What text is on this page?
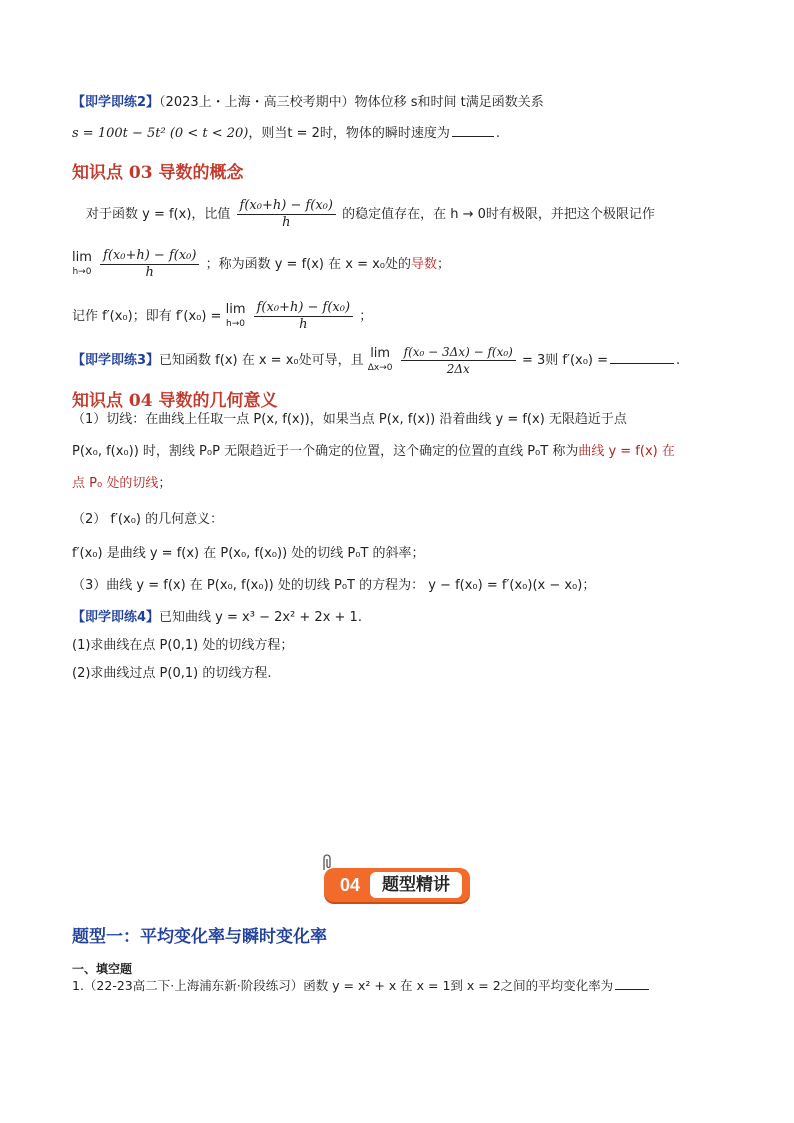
【即学即练2】（2023上・上海・高三校考期中）物体位移 s和时间 t满足函数关系
s = 100t − 5t² (0 < t < 20)，则当t = 2时，物体的瞬时速度为	.
知识点 03 导数的概念
对于函数 y = f(x)，比值 $\frac{\text{f(x₀+h) − f(x₀)}}{h}$ 的稳定值存在，在 h → 0时有极限，并把这个极限记作
lim
h→0
$\frac{\text{f(x₀+h) − f(x₀)}}{h}$ ；称为函数 y = f(x) 在 x = x₀处的导数；
记作 f′(x₀)；即有 f′(x₀) = lim
h→0
$\frac{\text{f(x₀+h) − f(x₀)}}{h}$ ；
【即学即练3】已知函数 f(x) 在 x = x₀处可导，且 lim
Δx→0
$\frac{\text{f(x₀ − 3Δx) − f(x₀)}}{2\Delta x} = 3$则 f′(x₀) =	.
知识点 04 导数的几何意义
（1）切线：在曲线上任取一点 P(x, f(x))，如果当点 P(x, f(x)) 沿着曲线 y = f(x) 无限趋近于点
P(x₀, f(x₀)) 时，割线 P₀P 无限趋近于一个确定的位置，这个确定的位置的直线 P₀T 称为曲线 y = f(x) 在
点 P₀ 处的切线；
（2） f′(x₀) 的几何意义：
f′(x₀) 是曲线 y = f(x) 在 P(x₀, f(x₀)) 处的切线 P₀T 的斜率；
（3）曲线 y = f(x) 在 P(x₀, f(x₀)) 处的切线 P₀T 的方程为： y − f(x₀) = f′(x₀)(x − x₀)；
【即学即练4】已知曲线 y = x³ − 2x² + 2x + 1.
(1)求曲线在点 P(0,1) 处的切线方程；
(2)求曲线过点 P(0,1) 的切线方程.
04	题型精讲
题型一：平均变化率与瞬时变化率
一、填空题
1.（22-23高二下·上海浦东新·阶段练习）函数 y = x² + x 在 x = 1到 x = 2之间的平均变化率为
